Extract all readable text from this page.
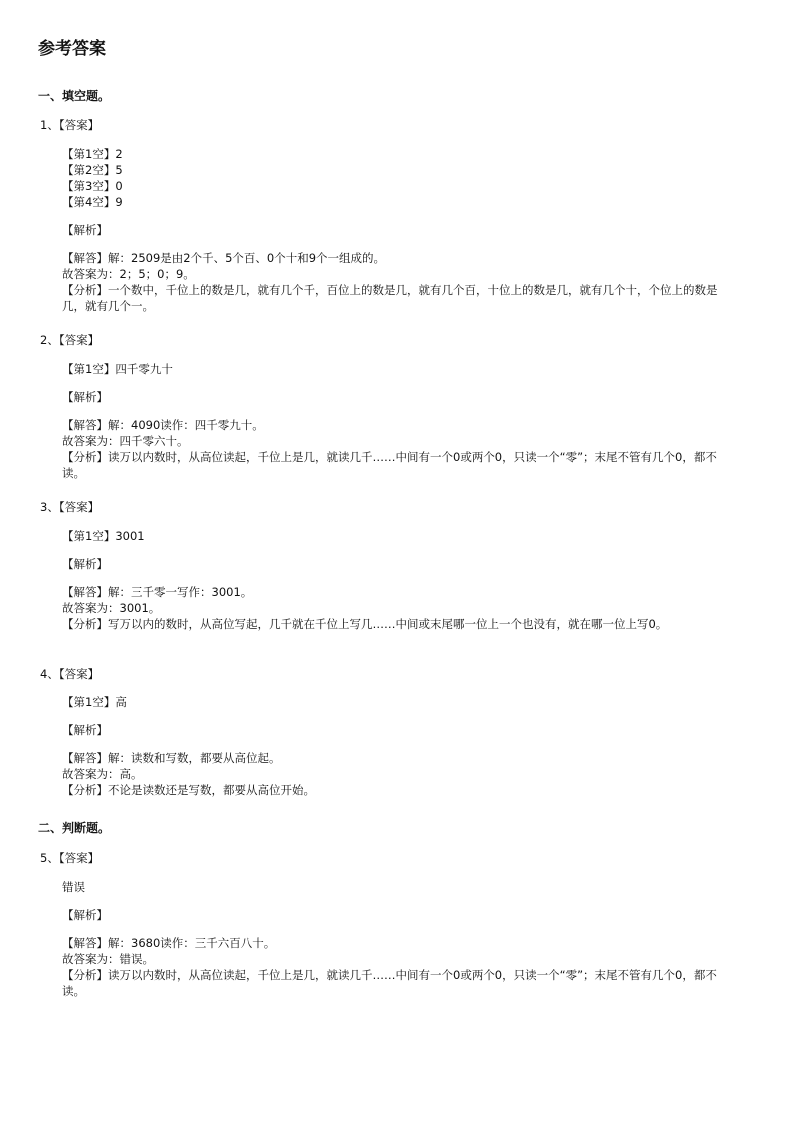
参考答案
一、填空题。
1、【答案】
【第1空】2
【第2空】5
【第3空】0
【第4空】9
【解析】

【解答】解：2509是由2个千、5个百、0个十和9个一组成的。

故答案为：2；5；0；9。

【分析】一个数中，千位上的数是几，就有几个千，百位上的数是几，就有几个百，十位上的数是几，就有几个十，个位上的数是几，就有几个一。

2、【答案】
【第1空】四千零九十
【解析】

【解答】解：4090读作：四千零九十。

故答案为：四千零六十。

【分析】读万以内数时，从高位读起，千位上是几，就读几千……中间有一个0或两个0，只读一个“零”；末尾不管有几个0，都不读。

3、【答案】
【第1空】3001
【解析】

【解答】解：三千零一写作：3001。

故答案为：3001。

【分析】写万以内的数时，从高位写起，几千就在千位上写几……中间或末尾哪一位上一个也没有，就在哪一位上写0。

4、【答案】
【第1空】高
【解析】

【解答】解：读数和写数，都要从高位起。

故答案为：高。

【分析】不论是读数还是写数，都要从高位开始。

二、判断题。
5、【答案】
错误
【解析】

【解答】解：3680读作：三千六百八十。

故答案为：错误。

【分析】读万以内数时，从高位读起，千位上是几，就读几千……中间有一个0或两个0，只读一个“零”；末尾不管有几个0，都不读。
